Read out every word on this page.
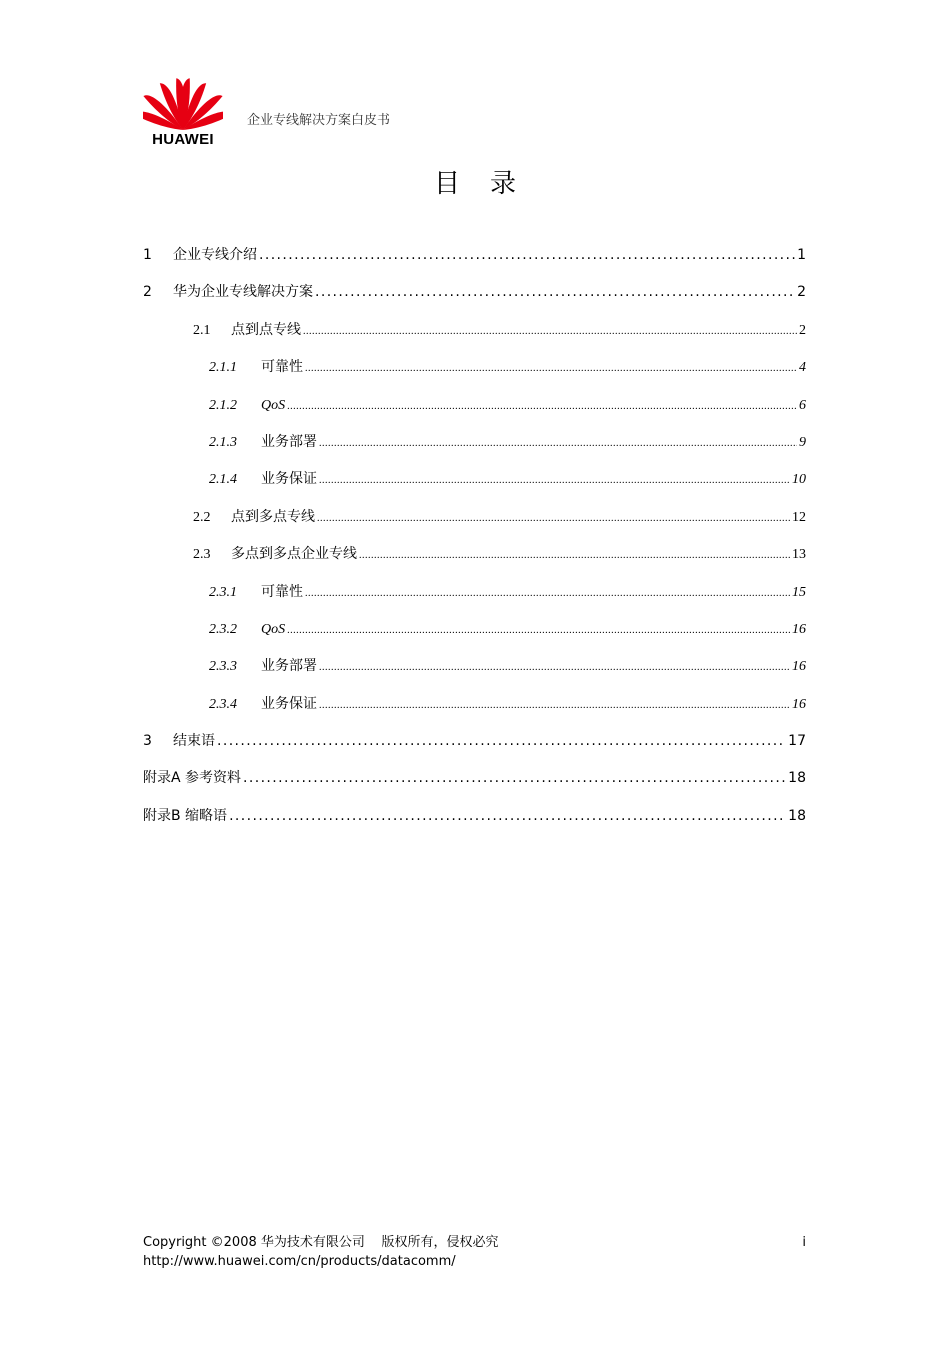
HUAWEI
企业专线解决方案白皮书
目录
1	企业专线介绍 .....	1
2	华为企业专线解决方案 .....	2
2.1	点到点专线 .....	2
2.1.1	可靠性 .....	4
2.1.2	QoS .....	6
2.1.3	业务部署 .....	9
2.1.4	业务保证 .....	10
2.2	点到多点专线 .....	12
2.3	多点到多点企业专线 .....	13
2.3.1	可靠性 .....	15
2.3.2	QoS .....	16
2.3.3	业务部署 .....	16
2.3.4	业务保证 .....	16
3	结束语 .....	17
附录A 参考资料 .....	18
附录B 缩略语 .....	18
Copyright ©2008 华为技术有限公司 版权所有，侵权必究	i
http://www.huawei.com/cn/products/datacomm/
